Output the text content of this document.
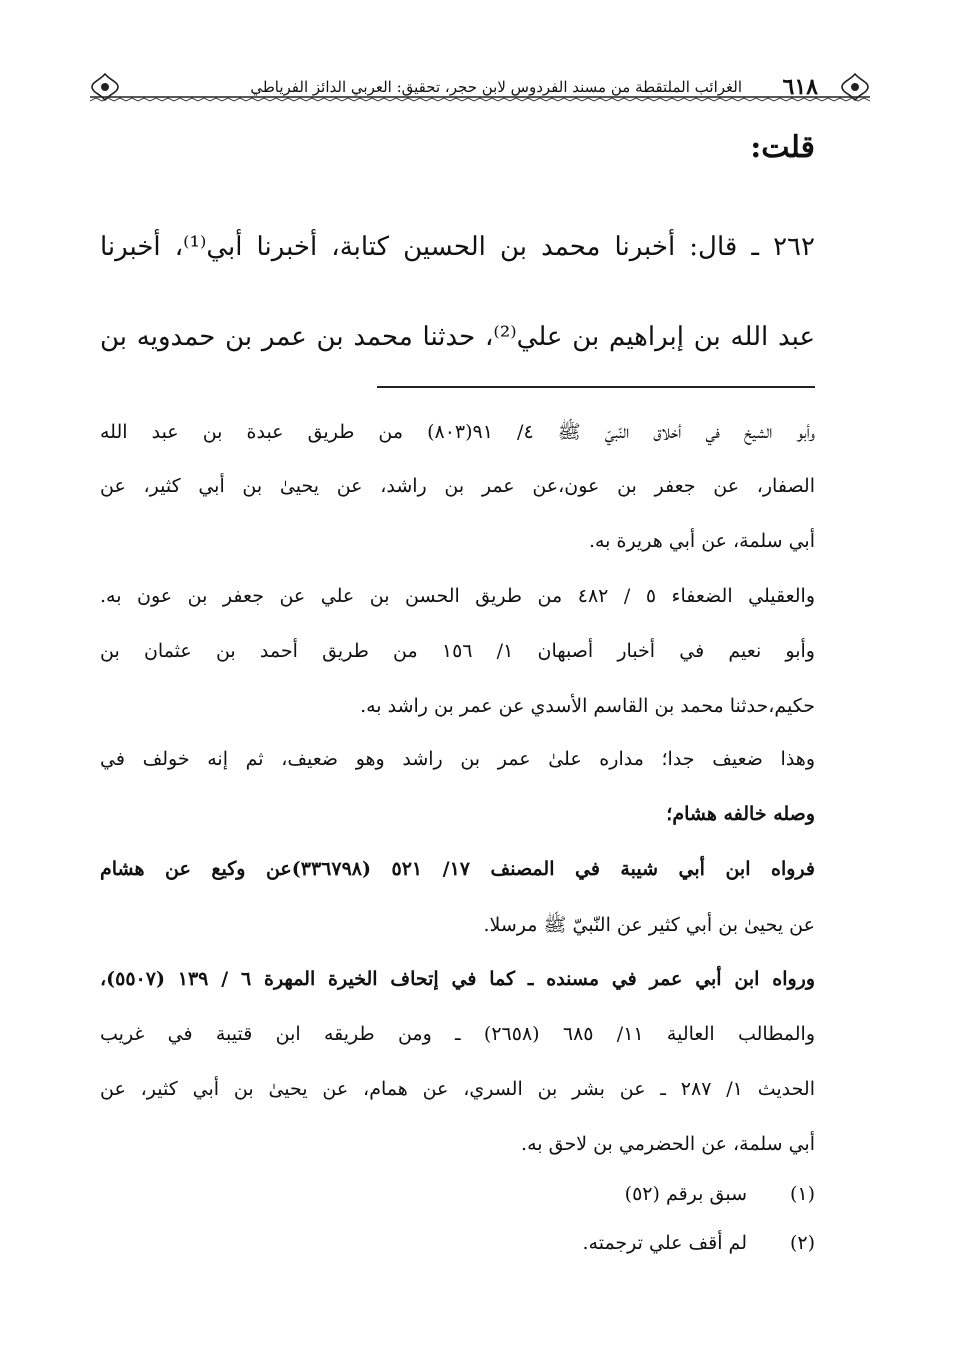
٦١٨
الغرائب الملتقطة من مسند الفردوس لابن حجر، تحقيق: العربي الدائز الفرياطي
قلت:
٢٦٢ ـ قال: أخبرنا محمد بن الحسين كتابة، أخبرنا أبي⁽¹⁾، أخبرنا
عبد الله بن إبراهيم بن علي⁽²⁾، حدثنا محمد بن عمر بن حمدويه بن
وأبو الشيخ في أخلاق النّبيّ ﷺ ٤/ ٩١(٨٠٣) من طريق عبدة بن عبد الله
الصفار، عن جعفر بن عون،عن عمر بن راشد، عن يحيىٰ بن أبي كثير، عن
أبي سلمة، عن أبي هريرة به.
والعقيلي الضعفاء ٥ / ٤٨٢ من طريق الحسن بن علي عن جعفر بن عون به.
وأبو نعيم في أخبار أصبهان ١/ ١٥٦ من طريق أحمد بن عثمان بن
حكيم،حدثنا محمد بن القاسم الأسدي عن عمر بن راشد به.
وهذا ضعيف جدا؛ مداره علىٰ عمر بن راشد وهو ضعيف، ثم إنه خولف في
وصله خالفه هشام؛
فرواه ابن أبي شيبة في المصنف ١٧/ ٥٢١ (٣٣٦٧٩٨)عن وكيع عن هشام
عن يحيىٰ بن أبي كثير عن النّبيّ ﷺ مرسلا.
ورواه ابن أبي عمر في مسنده ـ كما في إتحاف الخيرة المهرة ٦ / ١٣٩ (٥٥٠٧)،
والمطالب العالية ١١/ ٦٨٥ (٢٦٥٨) ـ ومن طريقه ابن قتيبة في غريب
الحديث ١/ ٢٨٧ ـ عن بشر بن السري، عن همام، عن يحيىٰ بن أبي كثير، عن
أبي سلمة، عن الحضرمي بن لاحق به.
(١)سبق برقم (٥٢)
(٢)لم أقف علي ترجمته.
